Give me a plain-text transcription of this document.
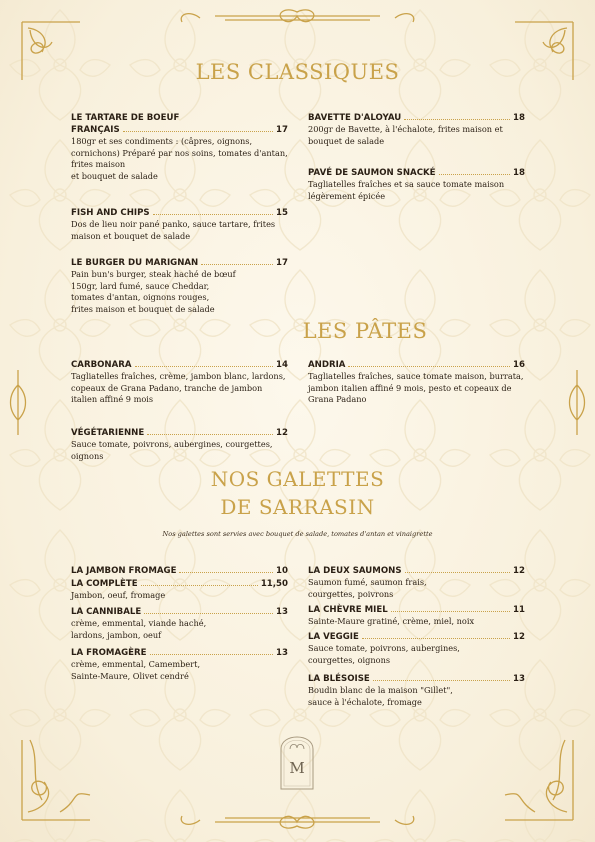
LES CLASSIQUES
LES PÂTES
NOS GALETTES
DE SARRASIN
Nos galettes sont servies avec bouquet de salade, tomates d'antan et vinaigrette
LE TARTARE DE BOEUF
FRANÇAIS	17
180gr et ses condiments : (câpres, oignons, cornichons) Préparé par nos soins, tomates d'antan, frites maison
et bouquet de salade
FISH AND CHIPS	15
Dos de lieu noir pané panko, sauce tartare, frites maison et bouquet de salade
LE BURGER DU MARIGNAN	17
Pain bun's burger, steak haché de bœuf
150gr, lard fumé, sauce Cheddar,
tomates d'antan, oignons rouges,
frites maison et bouquet de salade
BAVETTE D'ALOYAU	18
200gr de Bavette, à l'échalote, frites maison et bouquet de salade
PAVÉ DE SAUMON SNACKÉ	18
Tagliatelles fraîches et sa sauce tomate maison légèrement épicée
CARBONARA	14
Tagliatelles fraîches, crème, jambon blanc, lardons, copeaux de Grana Padano, tranche de jambon italien affiné 9 mois
VÉGÉTARIENNE	12
Sauce tomate, poivrons, aubergines, courgettes, oignons
ANDRIA	16
Tagliatelles fraîches, sauce tomate maison, burrata, jambon italien affiné 9 mois, pesto et copeaux de Grana Padano
LA JAMBON FROMAGE	10
LA COMPLÈTE	11,50
Jambon, oeuf, fromage
LA CANNIBALE	13
crème, emmental, viande haché,
lardons, jambon, oeuf
LA FROMAGÈRE	13
crème, emmental, Camembert,
Sainte-Maure, Olivet cendré
LA DEUX SAUMONS	12
Saumon fumé, saumon frais,
courgettes, poivrons
LA CHÈVRE MIEL	11
Sainte-Maure gratiné, crème, miel, noix
LA VEGGIE	12
Sauce tomate, poivrons, aubergines,
courgettes, oignons
LA BLÉSOISE	13
Boudin blanc de la maison "Gillet",
sauce à l'échalote, fromage
M
